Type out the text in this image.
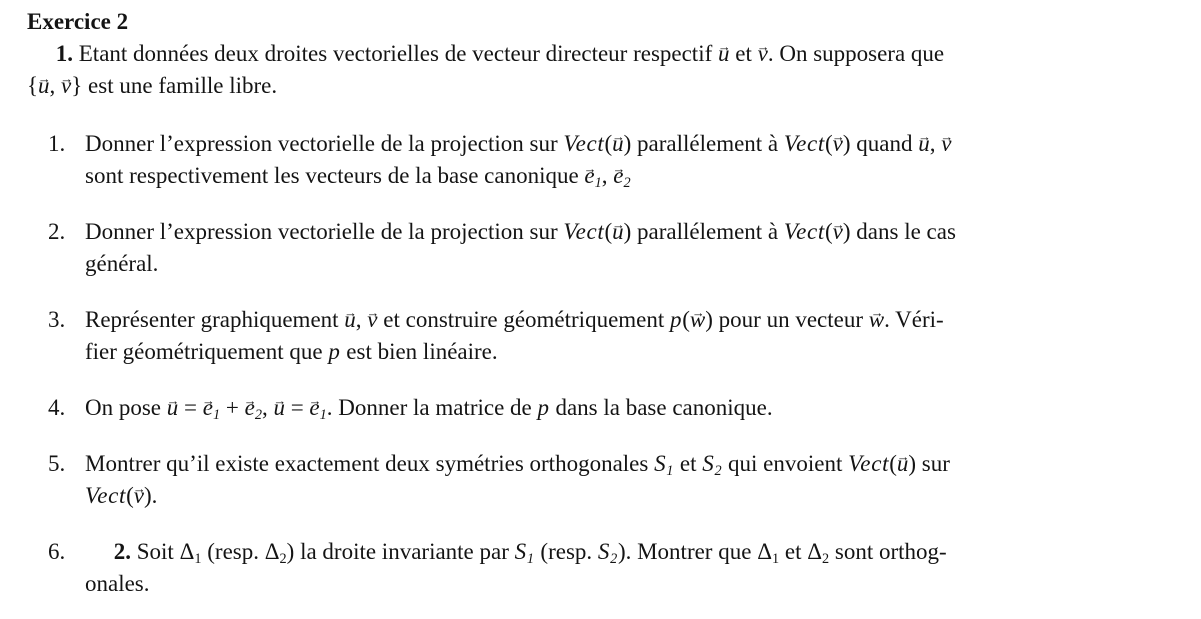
Exercice 2
1. Etant données deux droites vectorielles de vecteur directeur respectif → u et → v. On supposera que
{→ u, → v} est une famille libre.
1. Donner l’expression vectorielle de la projection sur Vect(→ u) parallélement à Vect(→ v) quand → u, → v
sont respectivement les vecteurs de la base canonique → $e_1$, → $e_2$
2. Donner l’expression vectorielle de la projection sur Vect(→ u) parallélement à Vect(→ v) dans le cas
général.
3. Représenter graphiquement → u, → v et construire géométriquement p(→ w) pour un vecteur → w. Véri-
fier géométriquement que p est bien linéaire.
4. On pose → u = → $e_1$ + → $e_2$, → u = → $e_1$. Donner la matrice de p dans la base canonique.
5. Montrer qu’il existe exactement deux symétries orthogonales $S_1$ et $S_2$ qui envoient Vect(→ u) sur
Vect(→ v).
6.	2. Soit $\Delta_1$ (resp. $\Delta_2$) la droite invariante par $S_1$ (resp. $S_2$). Montrer que $\Delta_1$ et $\Delta_2$ sont orthog-
onales.
